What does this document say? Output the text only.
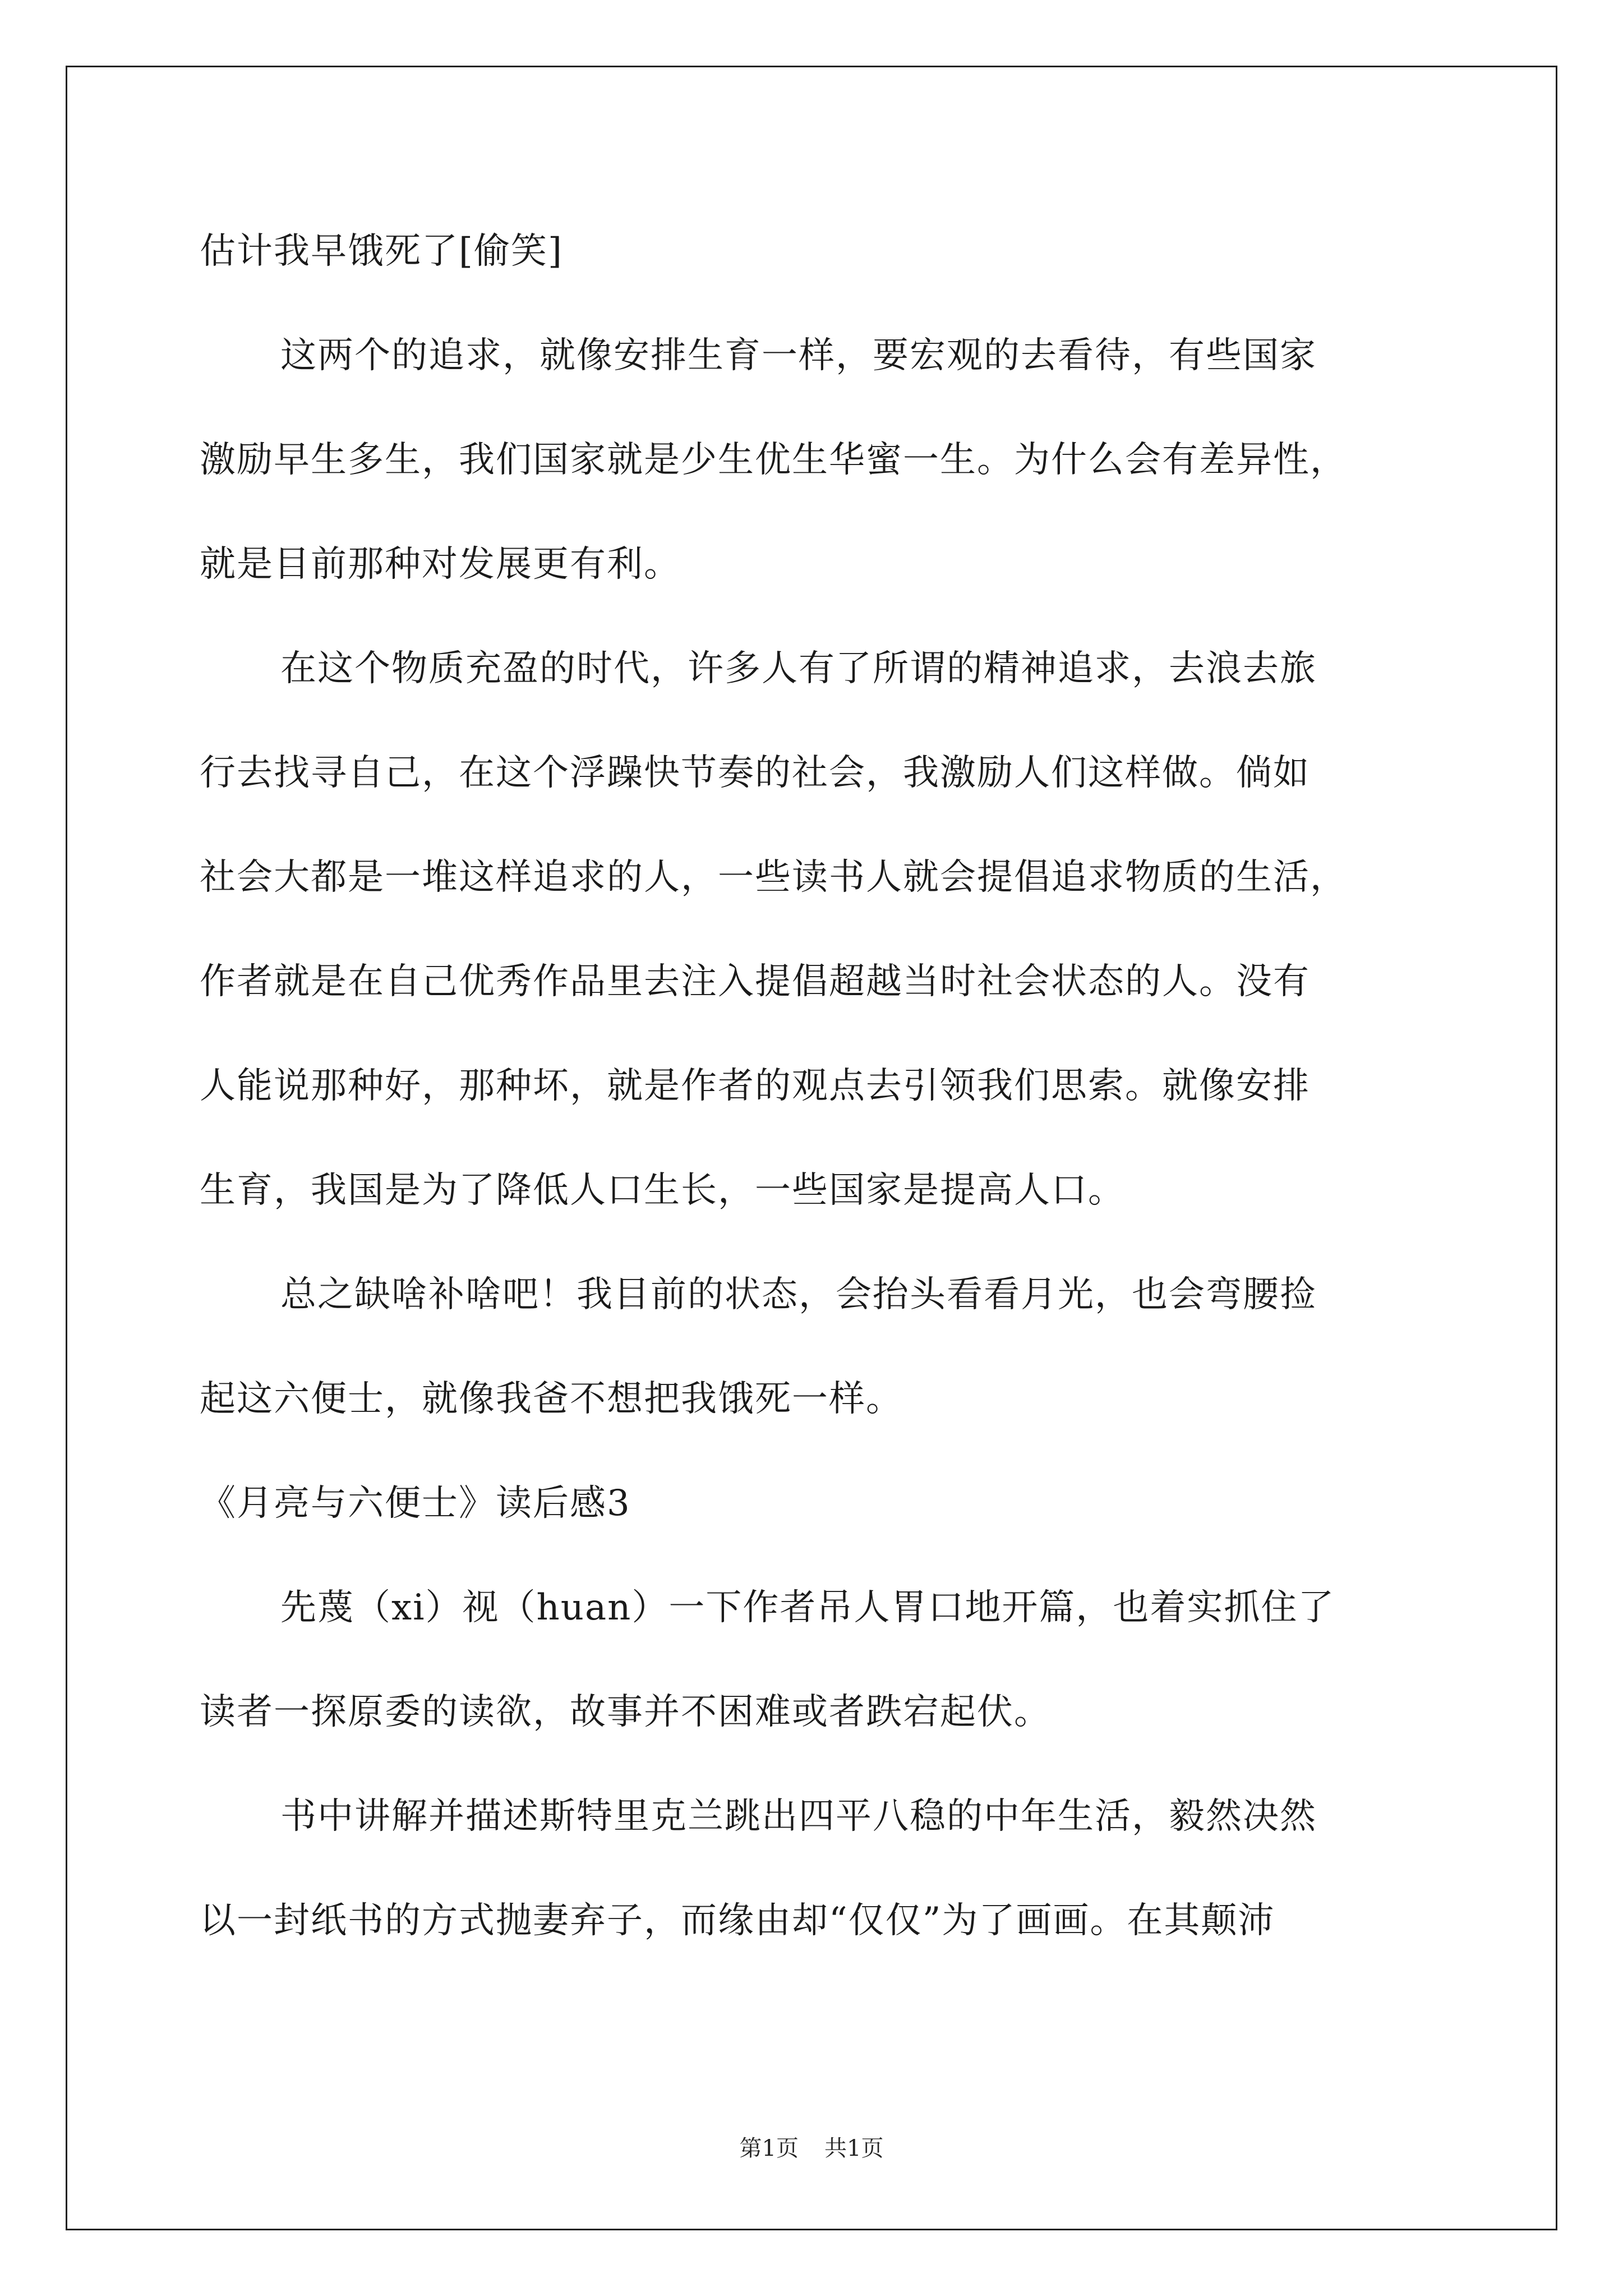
估计我早饿死了[偷笑]
这两个的追求，就像安排生育一样，要宏观的去看待，有些国家
激励早生多生，我们国家就是少生优生华蜜一生。为什么会有差异性，
就是目前那种对发展更有利。
在这个物质充盈的时代，许多人有了所谓的精神追求，去浪去旅
行去找寻自己，在这个浮躁快节奏的社会，我激励人们这样做。倘如
社会大都是一堆这样追求的人，一些读书人就会提倡追求物质的生活，
作者就是在自己优秀作品里去注入提倡超越当时社会状态的人。没有
人能说那种好，那种坏，就是作者的观点去引领我们思索。就像安排
生育，我国是为了降低人口生长，一些国家是提高人口。
总之缺啥补啥吧！我目前的状态，会抬头看看月光，也会弯腰捡
起这六便士，就像我爸不想把我饿死一样。
《月亮与六便士》读后感3
先蔑（xi）视（huan）一下作者吊人胃口地开篇，也着实抓住了
读者一探原委的读欲，故事并不困难或者跌宕起伏。
书中讲解并描述斯特里克兰跳出四平八稳的中年生活，毅然决然
以一封纸书的方式抛妻弃子，而缘由却“仅仅”为了画画。在其颠沛
第1页 共1页
